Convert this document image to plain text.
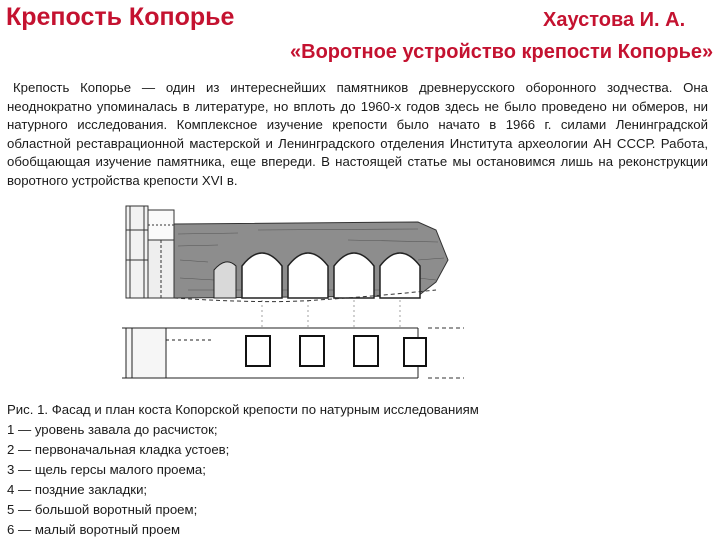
Крепость Копорье	Хаустова И. А.
«Воротное устройство крепости Копорье»

Крепость Копорье — один из интереснейших памятников древнерусского оборонного зодчества. Она неоднократно упоминалась в литературе, но вплоть до 1960-х годов здесь не было проведено ни обмеров, ни натурного исследования. Комплексное изучение крепости было начато в 1966 г. силами Ленинградской областной реставрационной мастерской и Ленинградского отделения Института археологии АН СССР. Работа, обобщающая изучение памятника, еще впереди. В настоящей статье мы остановимся лишь на реконструкции воротного устройства крепости XVI в.

Рис. 1. Фасад и план коста Копорской крепости по натурным исследованиям
1 — уровень завала до расчисток;
2 — первоначальная кладка устоев;
3 — щель герсы малого проема;
4 — поздние закладки;
5 — большой воротный проем;
6 — малый воротный проем
